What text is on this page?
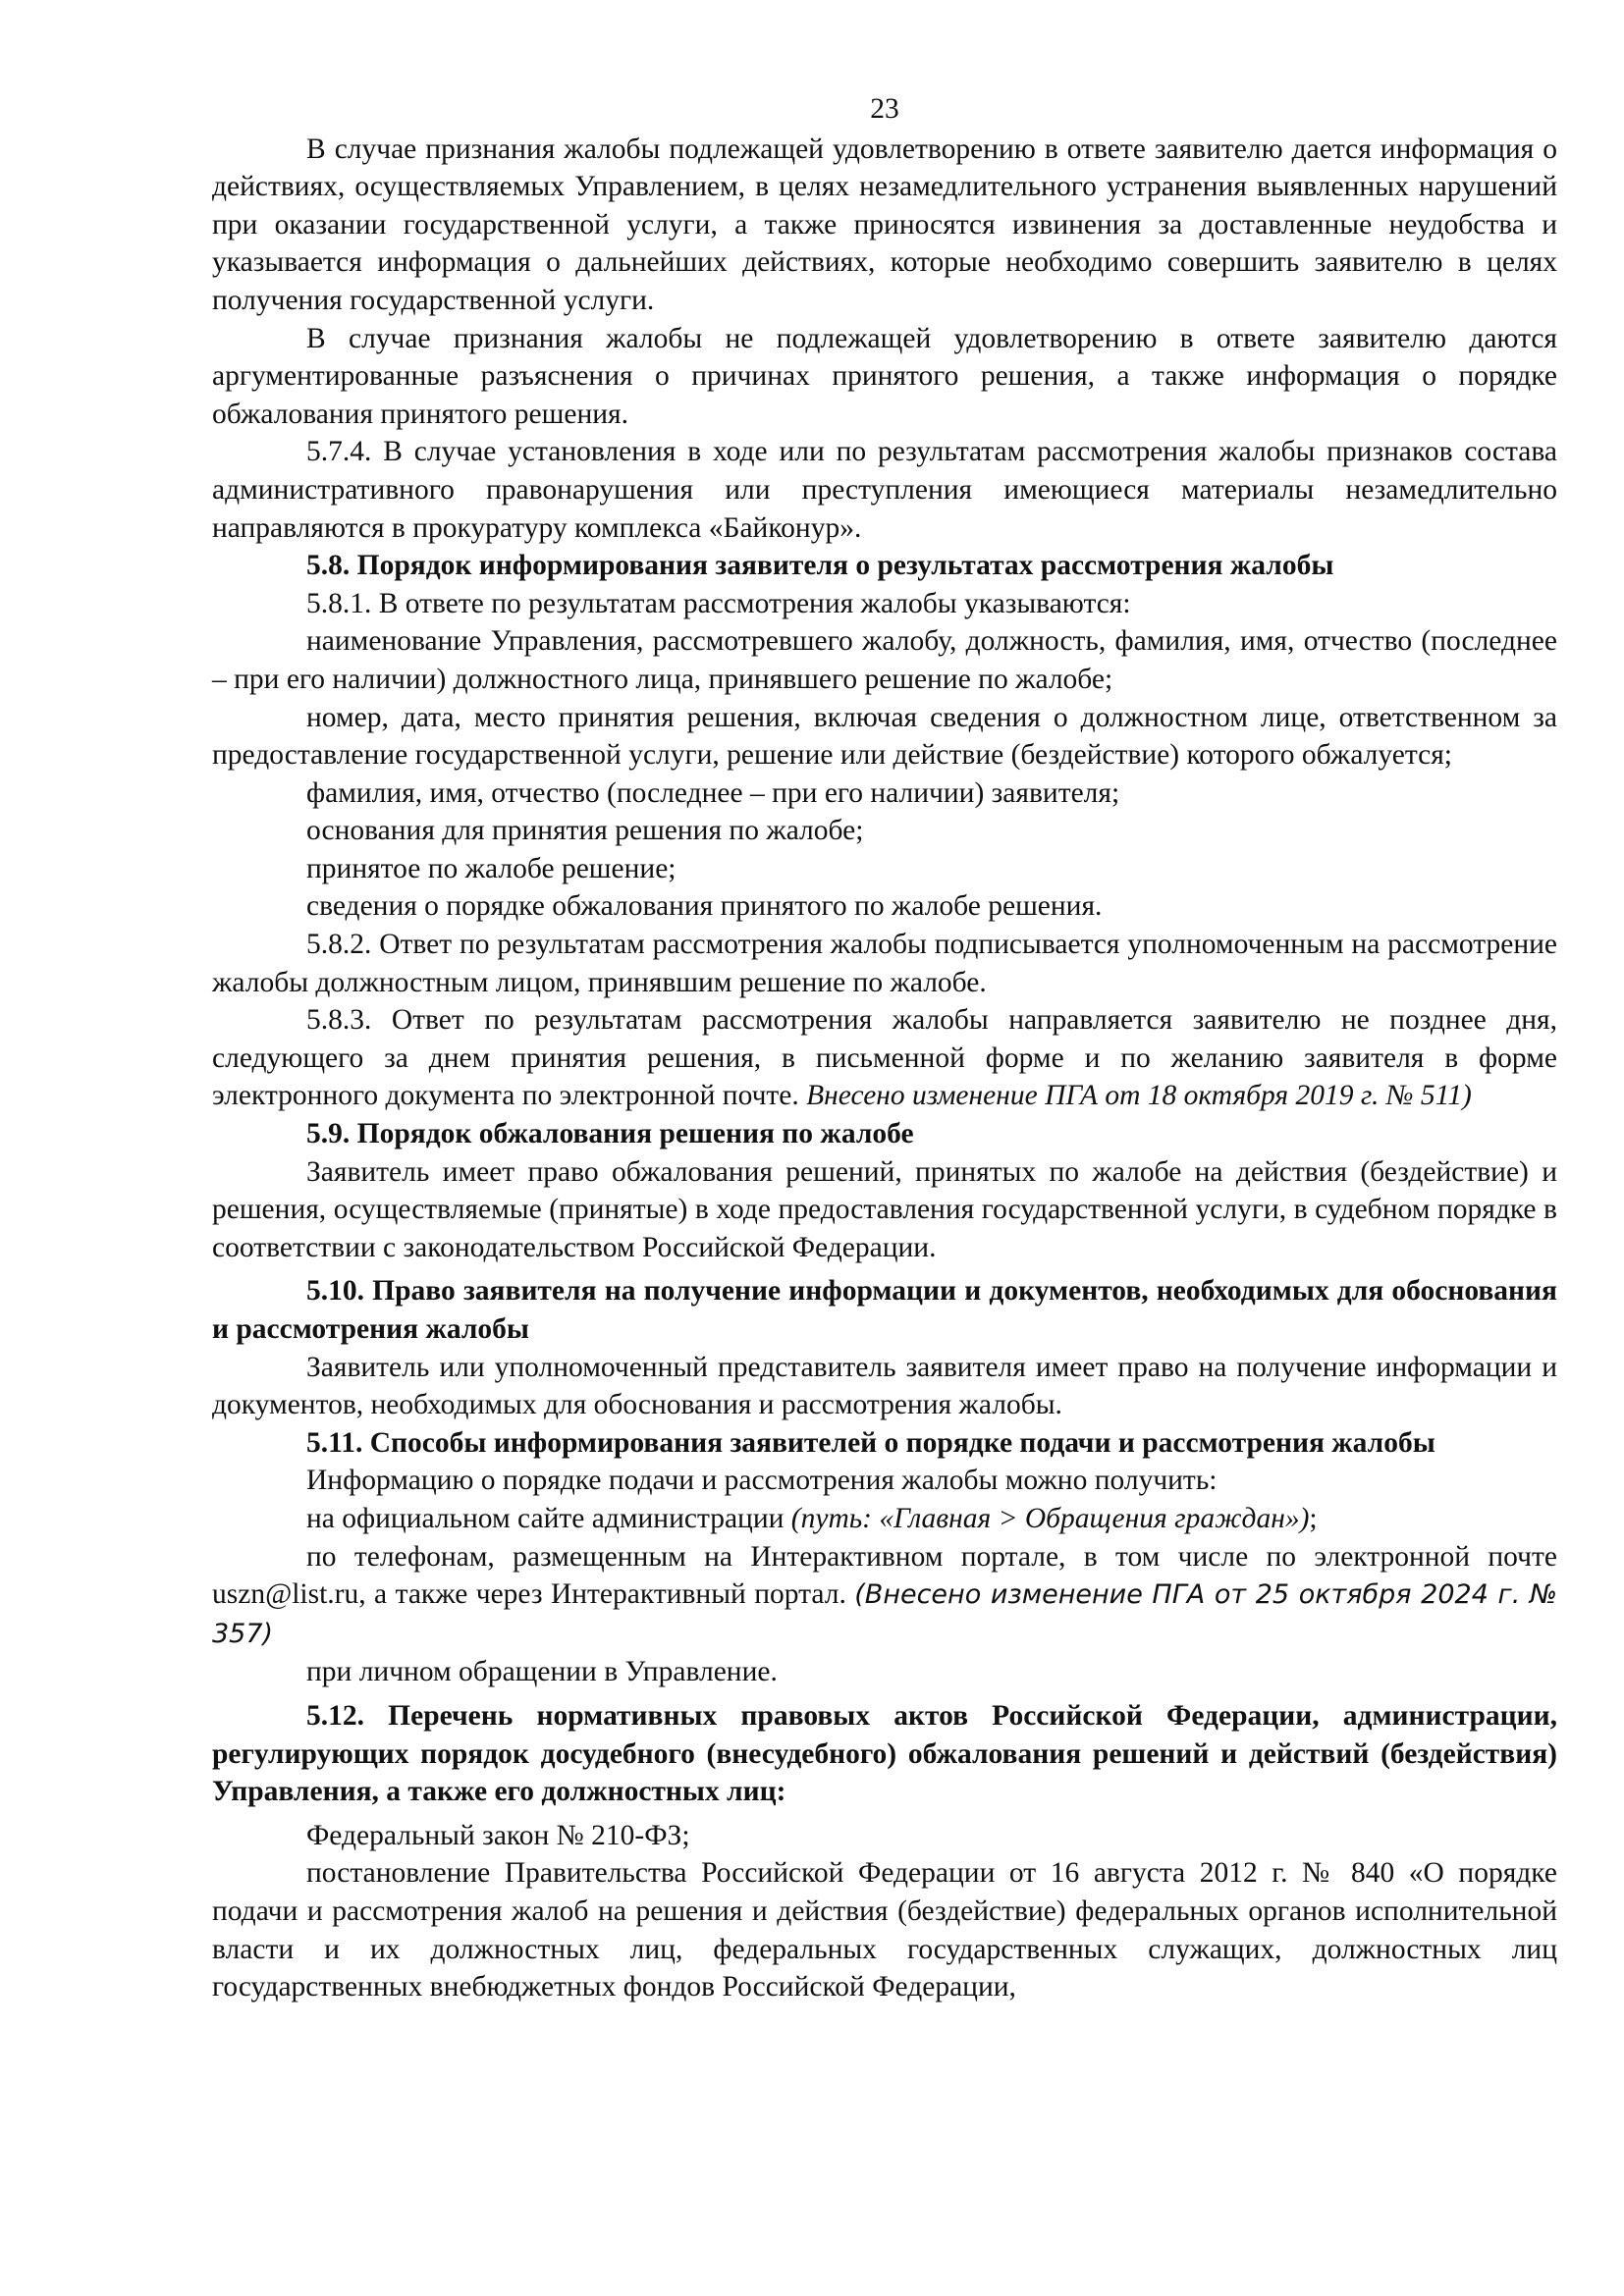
23

В случае признания жалобы подлежащей удовлетворению в ответе заявителю дается информация о действиях, осуществляемых Управлением, в целях незамедлительного устранения выявленных нарушений при оказании государственной услуги, а также приносятся извинения за доставленные неудобства и указывается информация о дальнейших действиях, которые необходимо совершить заявителю в целях получения государственной услуги.

В случае признания жалобы не подлежащей удовлетворению в ответе заявителю даются аргументированные разъяснения о причинах принятого решения, а также информация о порядке обжалования принятого решения.

5.7.4. В случае установления в ходе или по результатам рассмотрения жалобы признаков состава административного правонарушения или преступления имеющиеся материалы незамедлительно направляются в прокуратуру комплекса «Байконур».

5.8. Порядок информирования заявителя о результатах рассмотрения жалобы

5.8.1. В ответе по результатам рассмотрения жалобы указываются:

наименование Управления, рассмотревшего жалобу, должность, фамилия, имя, отчество (последнее – при его наличии) должностного лица, принявшего решение по жалобе;

номер, дата, место принятия решения, включая сведения о должностном лице, ответственном за предоставление государственной услуги, решение или действие (бездействие) которого обжалуется;

фамилия, имя, отчество (последнее – при его наличии) заявителя;

основания для принятия решения по жалобе;

принятое по жалобе решение;

сведения о порядке обжалования принятого по жалобе решения.

5.8.2. Ответ по результатам рассмотрения жалобы подписывается уполномоченным на рассмотрение жалобы должностным лицом, принявшим решение по жалобе.

5.8.3. Ответ по результатам рассмотрения жалобы направляется заявителю не позднее дня, следующего за днем принятия решения, в письменной форме и по желанию заявителя в форме электронного документа по электронной почте. Внесено изменение ПГА от 18 октября 2019 г. № 511)

5.9. Порядок обжалования решения по жалобе

Заявитель имеет право обжалования решений, принятых по жалобе на действия (бездействие) и решения, осуществляемые (принятые) в ходе предоставления государственной услуги, в судебном порядке в соответствии с законодательством Российской Федерации.

5.10. Право заявителя на получение информации и документов, необходимых для обоснования и рассмотрения жалобы

Заявитель или уполномоченный представитель заявителя имеет право на получение информации и документов, необходимых для обоснования и рассмотрения жалобы.

5.11. Способы информирования заявителей о порядке подачи и рассмотрения жалобы

Информацию о порядке подачи и рассмотрения жалобы можно получить:

на официальном сайте администрации (путь: «Главная > Обращения граждан»);

по телефонам, размещенным на Интерактивном портале, в том числе по электронной почте uszn@list.ru, а также через Интерактивный портал. (Внесено изменение ПГА от 25 октября 2024 г. № 357)

при личном обращении в Управление.

5.12. Перечень нормативных правовых актов Российской Федерации, администрации, регулирующих порядок досудебного (внесудебного) обжалования решений и действий (бездействия) Управления, а также его должностных лиц:

Федеральный закон № 210-ФЗ;

постановление Правительства Российской Федерации от 16 августа 2012 г. № 840 «О порядке подачи и рассмотрения жалоб на решения и действия (бездействие) федеральных органов исполнительной власти и их должностных лиц, федеральных государственных служащих, должностных лиц государственных внебюджетных фондов Российской Федерации,
